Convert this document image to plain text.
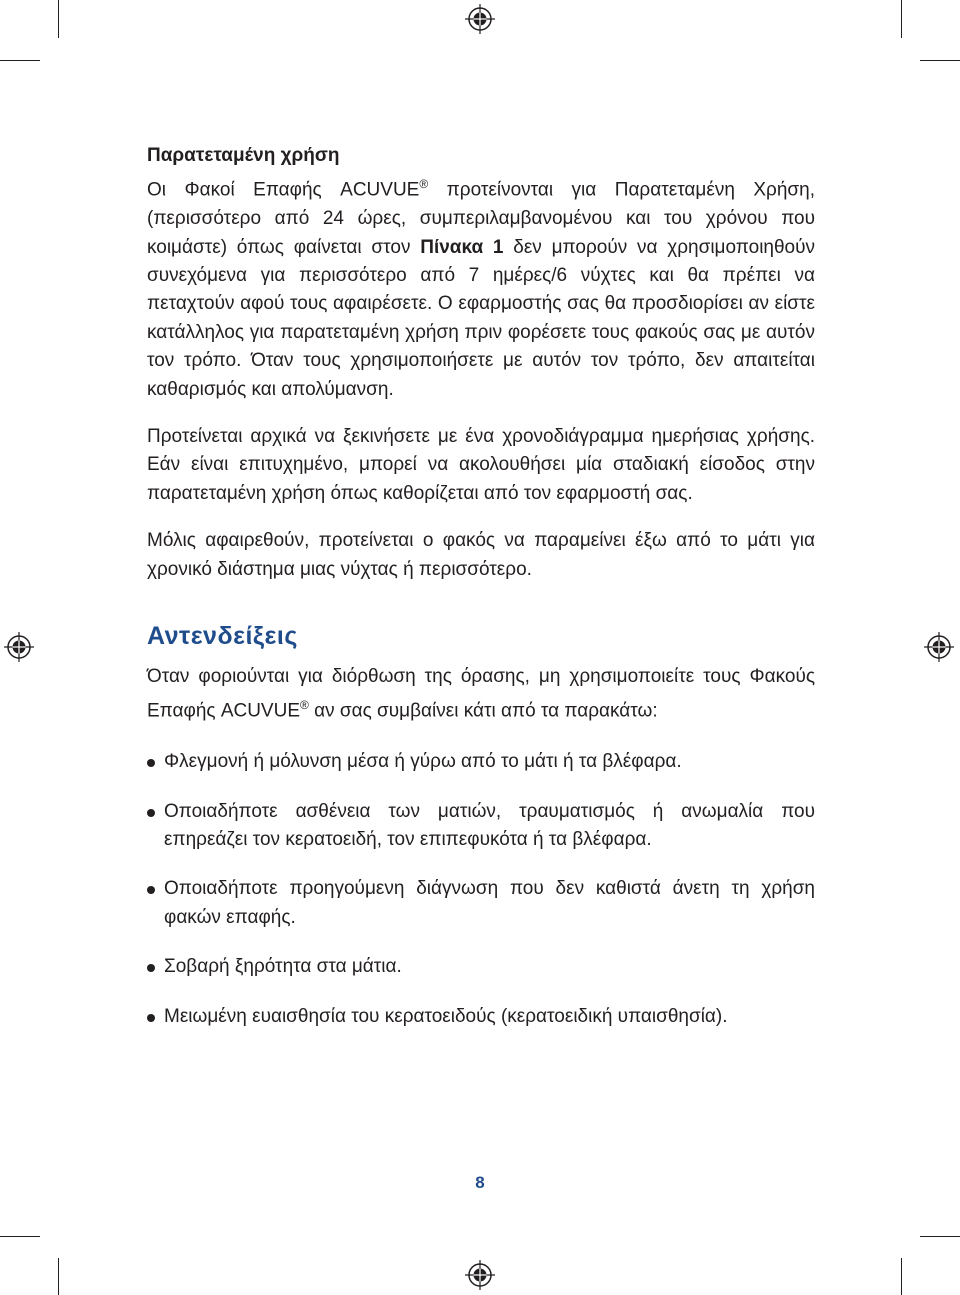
Παρατεταμένη χρήση

Οι Φακοί Επαφής ACUVUE® προτείνονται για Παρατεταμένη Χρήση, (περισσότερο από 24 ώρες, συμπεριλαμβανομένου και του χρόνου που κοιμάστε) όπως φαίνεται στον Πίνακα 1 δεν μπορούν να χρησιμοποιηθούν συνεχόμενα για περισσότερο από 7 ημέρες/6 νύχτες και θα πρέπει να πεταχτούν αφού τους αφαιρέσετε. Ο εφαρμοστής σας θα προσδιορίσει αν είστε κατάλληλος για παρατεταμένη χρήση πριν φορέσετε τους φακούς σας με αυτόν τον τρόπο. Όταν τους χρησιμοποιήσετε με αυτόν τον τρόπο, δεν απαιτείται καθαρισμός και απολύμανση.

Προτείνεται αρχικά να ξεκινήσετε με ένα χρονοδιάγραμμα ημερήσιας χρήσης. Εάν είναι επιτυχημένο, μπορεί να ακολουθήσει μία σταδιακή είσοδος στην παρατεταμένη χρήση όπως καθορίζεται από τον εφαρμοστή σας.

Μόλις αφαιρεθούν, προτείνεται ο φακός να παραμείνει έξω από το μάτι για χρονικό διάστημα μιας νύχτας ή περισσότερο.

Αντενδείξεις

Όταν φοριούνται για διόρθωση της όρασης, μη χρησιμοποιείτε τους Φακούς Επαφής ACUVUE® αν σας συμβαίνει κάτι από τα παρακάτω:

Φλεγμονή ή μόλυνση μέσα ή γύρω από το μάτι ή τα βλέφαρα.
Οποιαδήποτε ασθένεια των ματιών, τραυματισμός ή ανωμαλία που επηρεάζει τον κερατοειδή, τον επιπεφυκότα ή τα βλέφαρα.
Οποιαδήποτε προηγούμενη διάγνωση που δεν καθιστά άνετη τη χρήση φακών επαφής.
Σοβαρή ξηρότητα στα μάτια.
Μειωμένη ευαισθησία του κερατοειδούς (κερατοειδική υπαισθησία).
8
